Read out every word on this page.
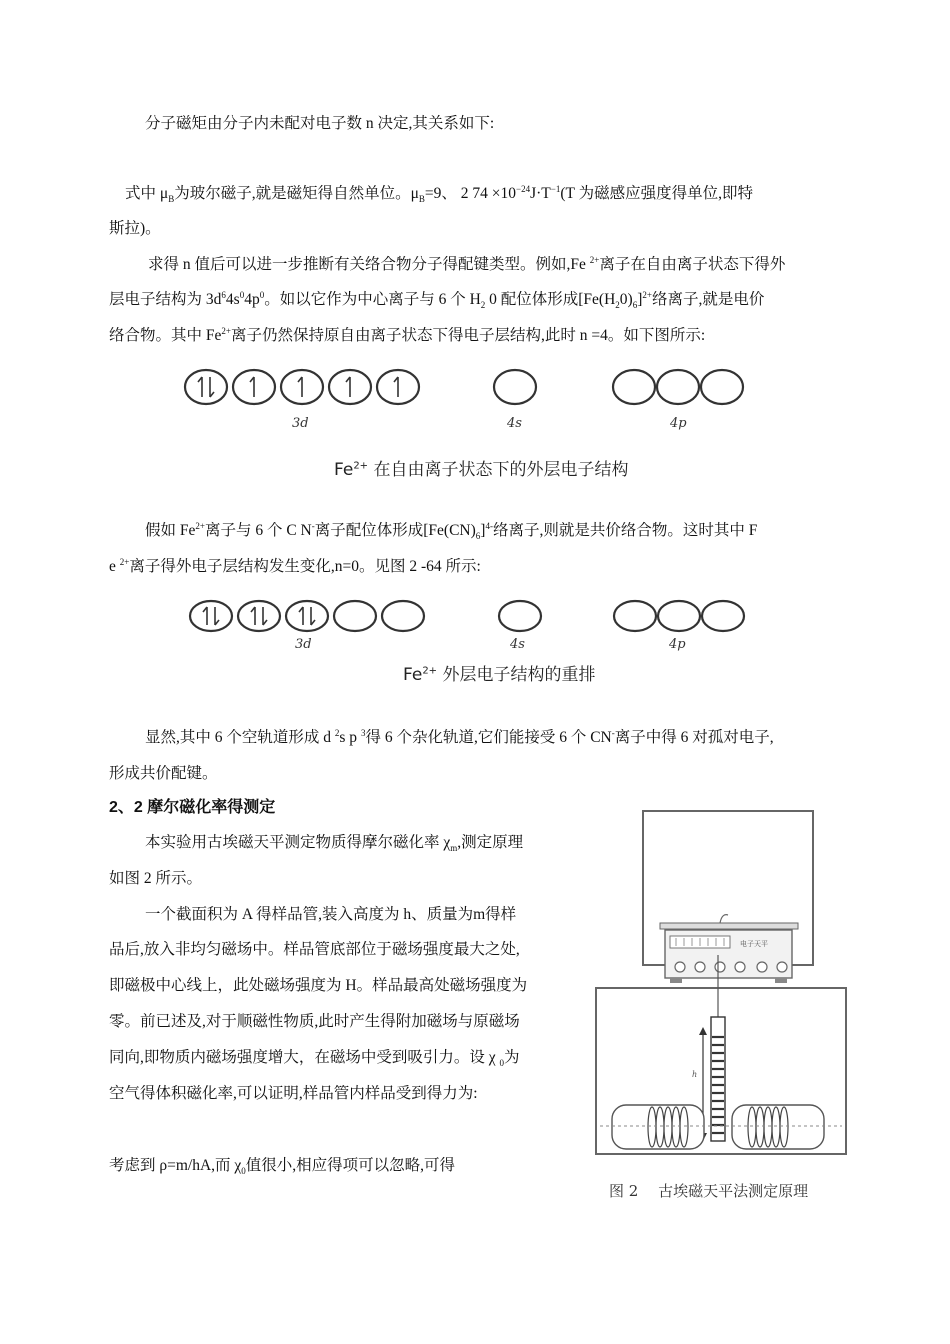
分子磁矩由分子内未配对电子数 n 决定,其关系如下:
式中 $\mu_B$为玻尔磁子,就是磁矩得自然单位。$\mu_B=9$、 2 $74 \times 10^{-24}J\cdot T^{-1}(T$ 为磁感应强度得单位,即特
斯拉)。
求得 n 值后可以进一步推断有关络合物分子得配键类型。例如,Fe $^{2+}$离子在自由离子状态下得外
层电子结构为 $3d^64s^04p^0$。如以它作为中心离子与 6 个 $H_2$ 0 配位体形成$[Fe(H_20)_6]^{2+}$络离子,就是电价
络合物。其中 $Fe^{2+}$离子仍然保持原自由离子状态下得电子层结构,此时 n =4。如下图所示:
3d	4s	4p
$Fe^{2+}$ 在自由离子状态下的外层电子结构
假如 $Fe^{2+}$离子与 6 个 C N-离子配位体形成$[Fe(CN)_6]^{4-}$络离子,则就是共价络合物。这时其中 F
e $^{2+}$离子得外电子层结构发生变化,n=0。见图 2 -64 所示:
3d	4s	4p
$Fe^{2+}$ 外层电子结构的重排
显然,其中 6 个空轨道形成 d $^2$s p $^3$得 6 个杂化轨道,它们能接受 6 个 CN-离子中得 6 对孤对电子,
形成共价配键。
2、2 摩尔磁化率得测定
本实验用古埃磁天平测定物质得摩尔磁化率 $\chi_m$,测定原理
如图 2 所示。
一个截面积为 A 得样品管,装入高度为 h、质量为m得样
品后,放入非均匀磁场中。样品管底部位于磁场强度最大之处,
即磁极中心线上，此处磁场强度为 H。样品最高处磁场强度为
零。前已述及,对于顺磁性物质,此时产生得附加磁场与原磁场
同向,即物质内磁场强度增大，在磁场中受到吸引力。设 χ $_0$为
空气得体积磁化率,可以证明,样品管内样品受到得力为:
考虑到 ρ=m/hA,而 $\chi_0$值很小,相应得项可以忽略,可得
电子天平
h
图 2 　古埃磁天平法测定原理
